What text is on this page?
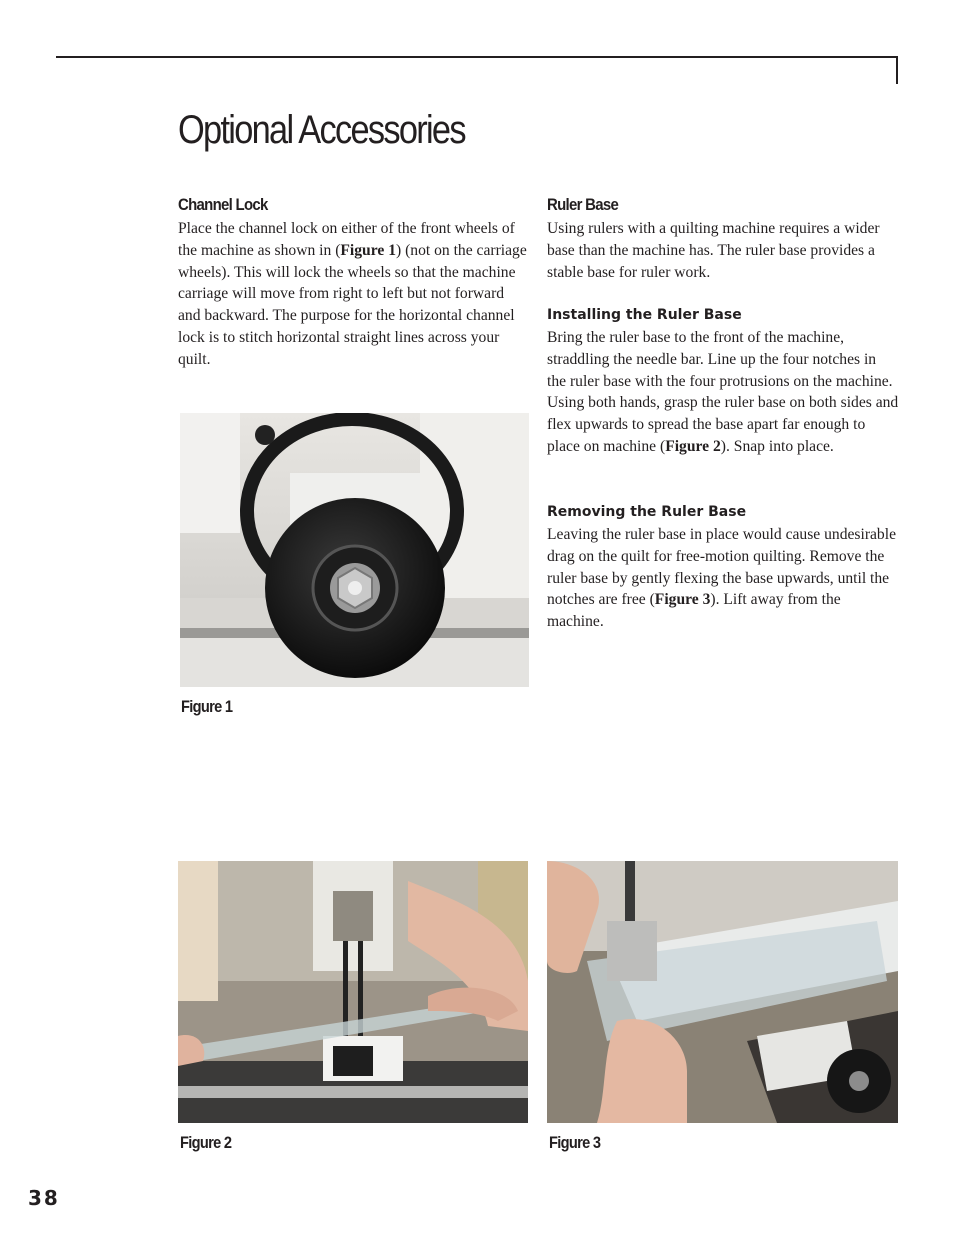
Optional Accessories
Channel Lock

Place the channel lock on either of the front wheels of the machine as shown in (Figure 1) (not on the carriage wheels). This will lock the wheels so that the machine carriage will move from right to left but not forward and backward. The purpose for the horizontal channel lock is to stitch horizontal straight lines across your quilt.

Figure 1
Ruler Base

Using rulers with a quilting machine requires a wider base than the machine has. The ruler base provides a stable base for ruler work.

Installing the Ruler Base

Bring the ruler base to the front of the machine, straddling the needle bar. Line up the four notches in the ruler base with the four protrusions on the machine. Using both hands, grasp the ruler base on both sides and flex upwards to spread the base apart far enough to place on machine (Figure 2). Snap into place.

Removing the Ruler Base

Leaving the ruler base in place would cause undesirable drag on the quilt for free-motion quilting. Remove the ruler base by gently flexing the base upwards, until the notches are free (Figure 3). Lift away from the machine.

Figure 2	Figure 3
38
